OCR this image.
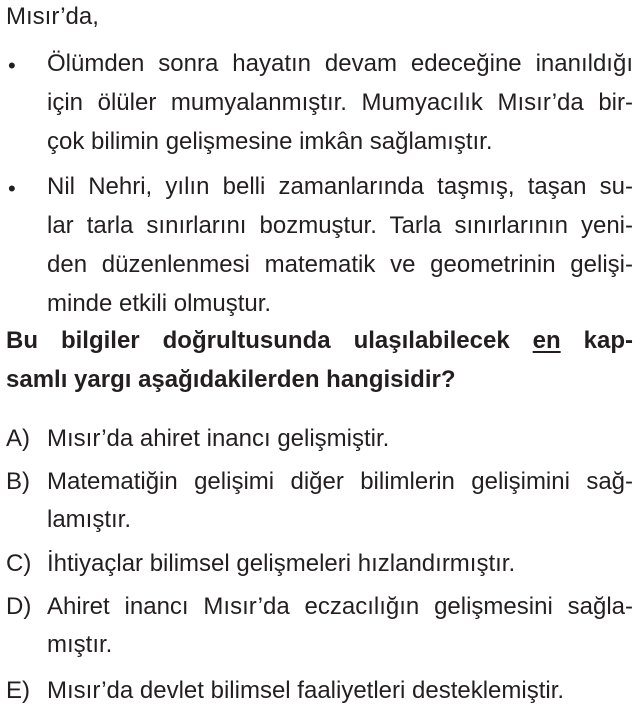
Mısır’da,
• Ölümden sonra hayatın devam edeceğine inanıldığı
için ölüler mumyalanmıştır. Mumyacılık Mısır’da bir-
çok bilimin gelişmesine imkân sağlamıştır.
• Nil Nehri, yılın belli zamanlarında taşmış, taşan su-
lar tarla sınırlarını bozmuştur. Tarla sınırlarının yeni-
den düzenlenmesi matematik ve geometrinin gelişi-
minde etkili olmuştur.
Bu bilgiler doğrultusunda ulaşılabilecek en kap-
samlı yargı aşağıdakilerden hangisidir?
A) Mısır’da ahiret inancı gelişmiştir.
B) Matematiğin gelişimi diğer bilimlerin gelişimini sağ-
lamıştır.
C) İhtiyaçlar bilimsel gelişmeleri hızlandırmıştır.
D) Ahiret inancı Mısır’da eczacılığın gelişmesini sağla-
mıştır.
E) Mısır’da devlet bilimsel faaliyetleri desteklemiştir.
